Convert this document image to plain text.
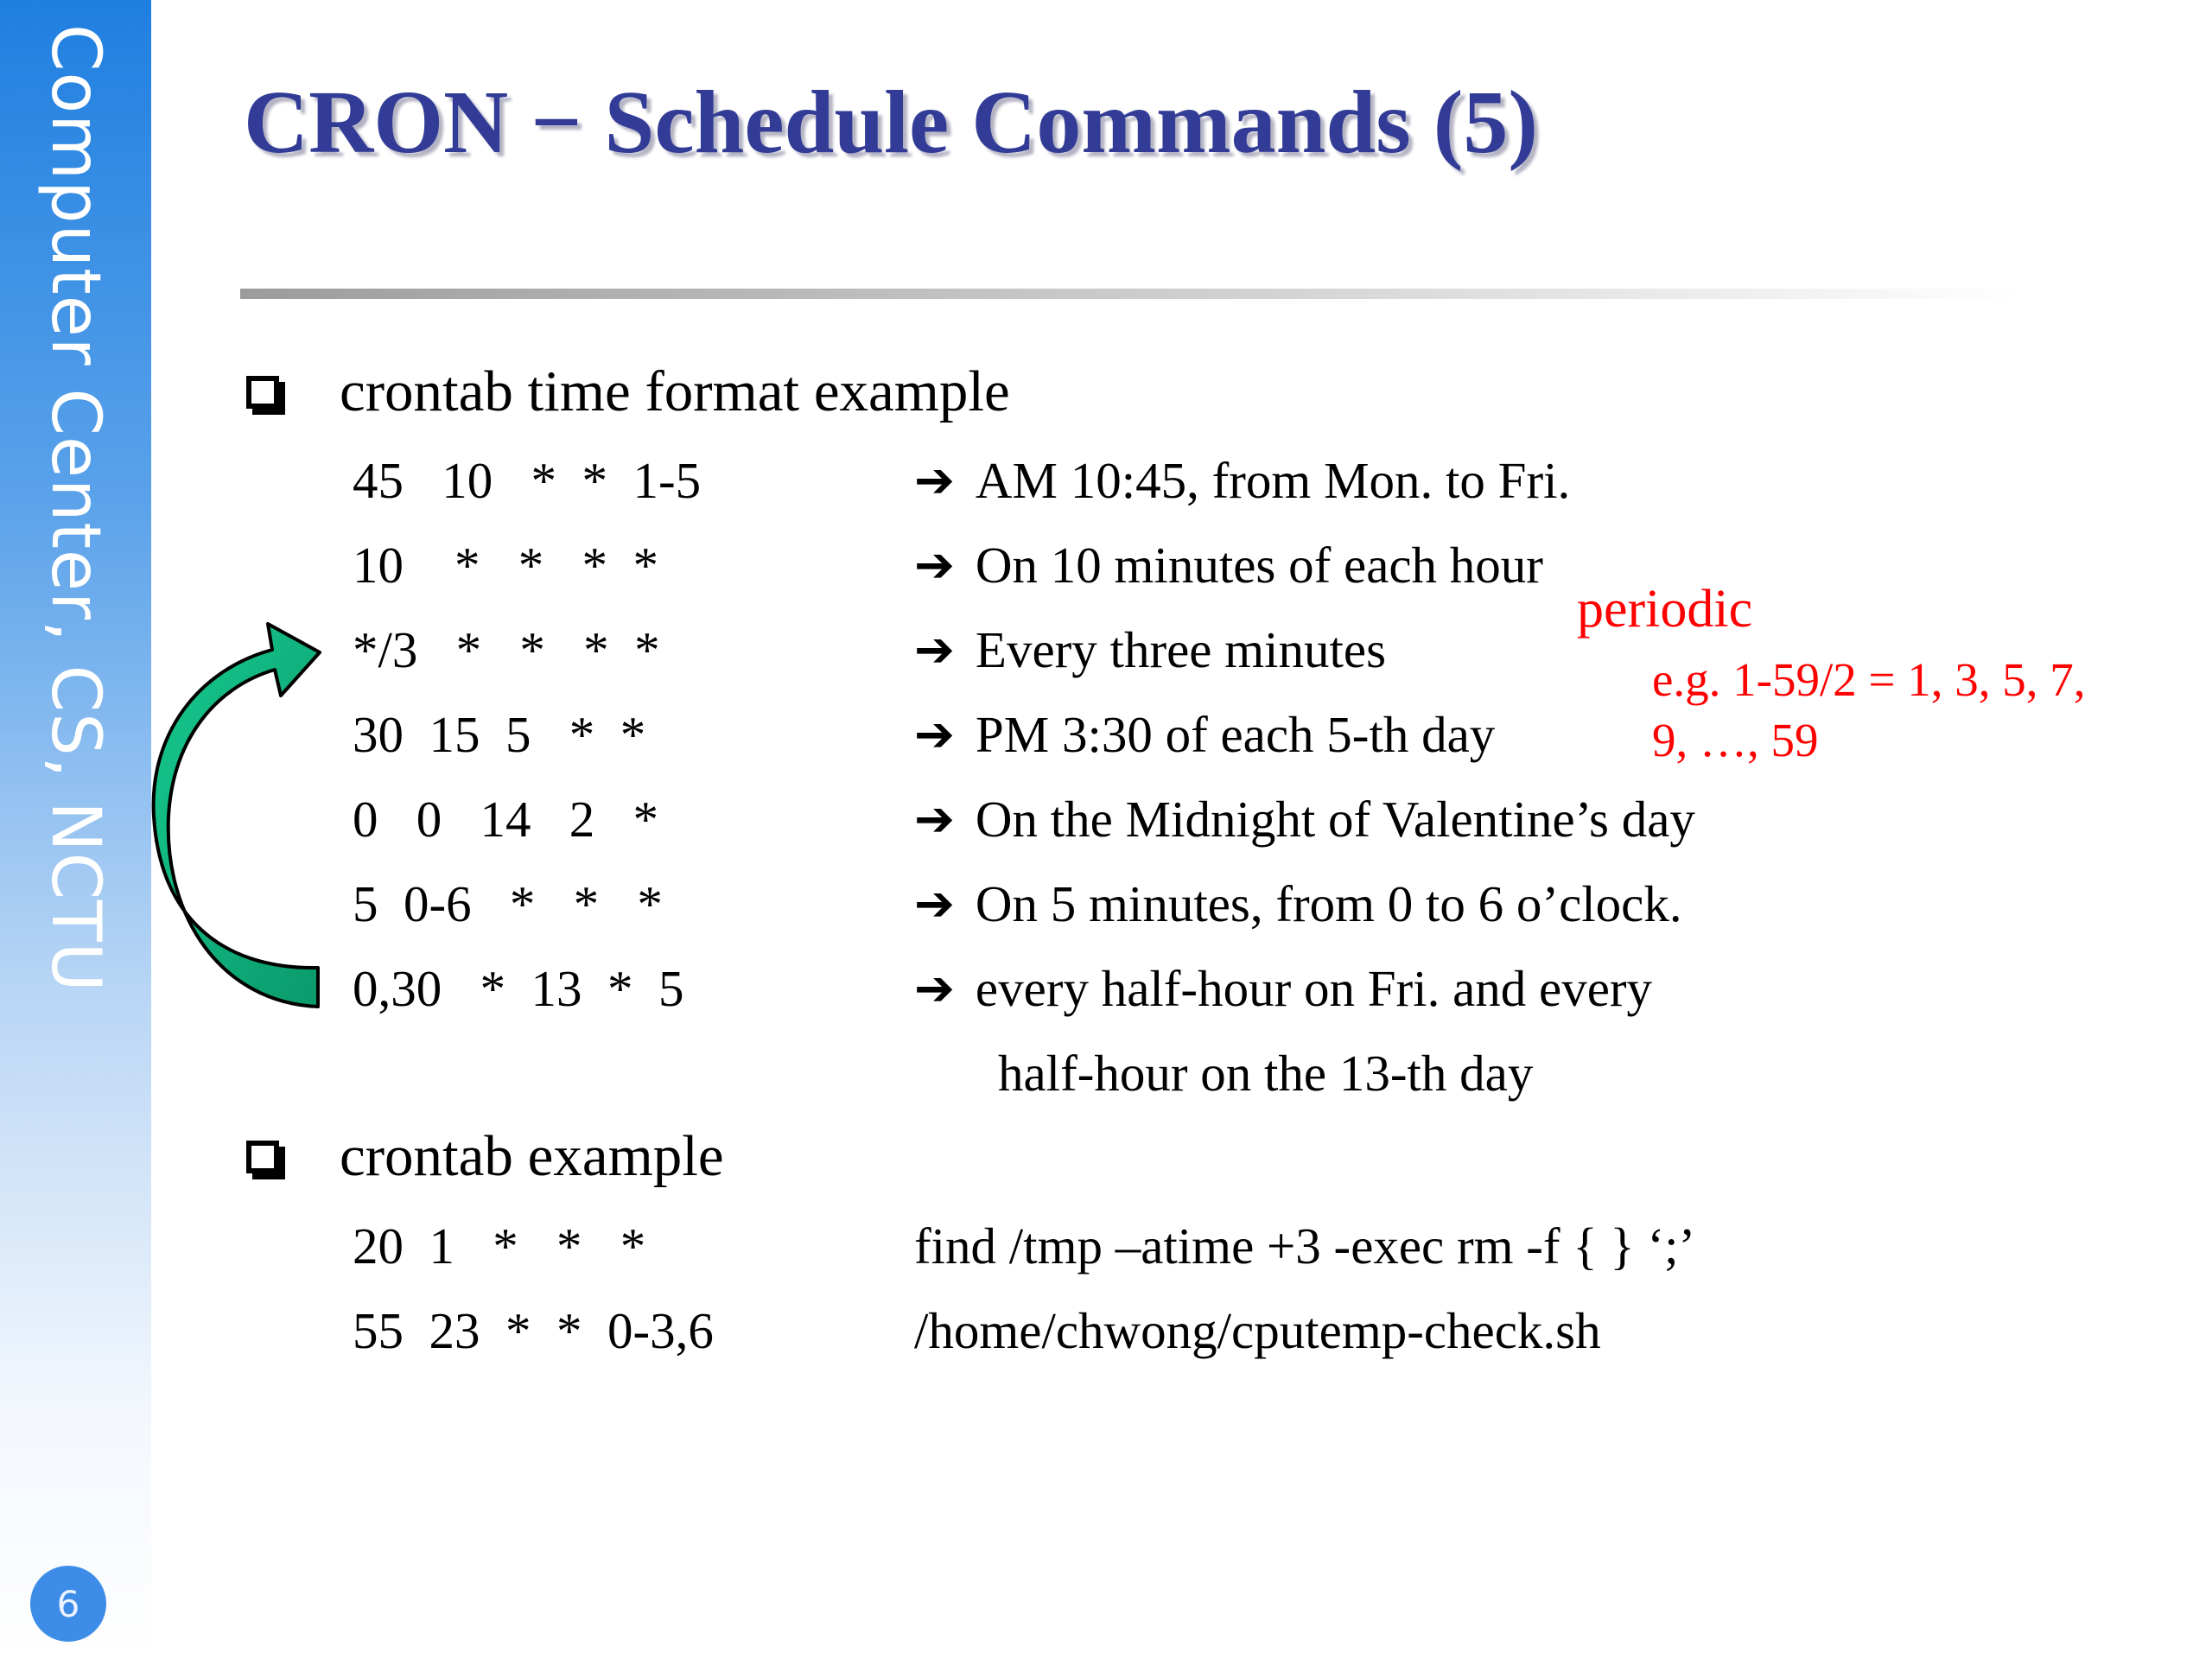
Computer Center, CS, NCTU
6
CRON − Schedule Commands (5)
crontab time format example
45   10   *  *  1-5	➔ AM 10:45, from Mon. to Fri.
10    *   *   *  *	➔ On 10 minutes of each hour
*/3   *   *   *  *	➔ Every three minutes
30  15  5   *  *	➔ PM 3:30 of each 5-th day
0   0   14   2   *	➔ On the Midnight of Valentine’s day
5  0-6   *   *   *	➔ On 5 minutes, from 0 to 6 o’clock.
0,30   *  13  *  5	➔ every half-hour on Fri. and every
half-hour on the 13-th day
periodic
e.g. 1-59/2 = 1, 3, 5, 7,
9, …, 59
crontab example
20  1   *   *   *	find /tmp –atime +3 -exec rm -f { } ‘;’
55  23  *  *  0-3,6	/home/chwong/cputemp-check.sh
